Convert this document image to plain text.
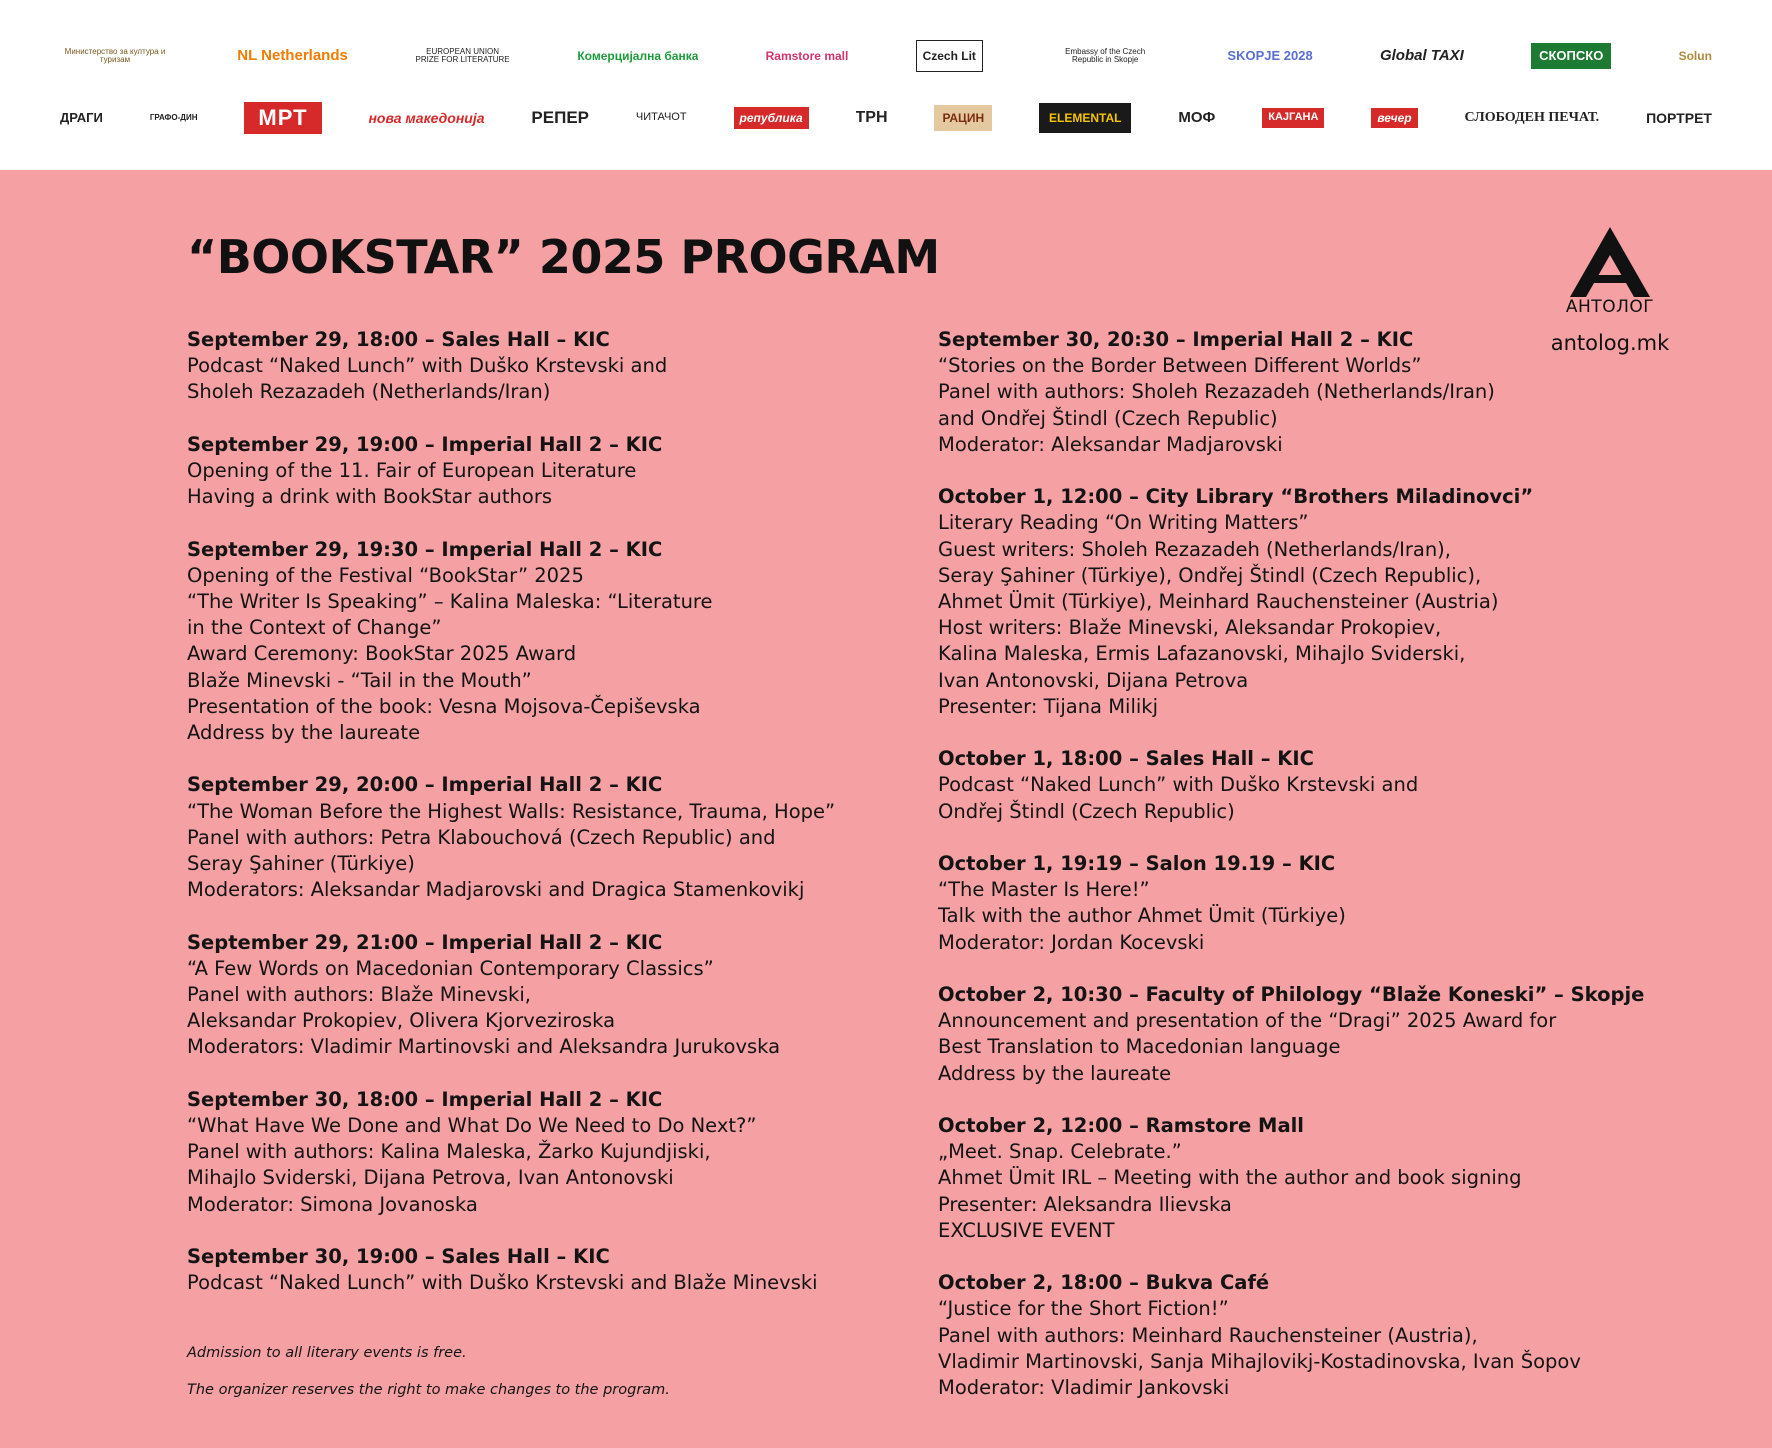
Министерство за култура и туризам	NL Netherlands	EUROPEAN UNION PRIZE FOR LITERATURE	Комерцијална банка	Ramstore mall	Czech Lit	Embassy of the Czech Republic in Skopje	SKOPJE 2028	Global TAXI	СКОПСКО	Solun
ДРАГИ	ГРАФО-ДИН	МРТ	нова македонија	РЕПЕР	ЧИТАЧОТ	република	ТРН	РАЦИН	ELEMENTAL	МОФ	КАЈГАНА	вечер	СЛОБОДЕН ПЕЧАТ.	ПОРТРЕТ
“BOOKSTAR” 2025 PROGRAM
АНТОЛОГ
antolog.mk
September 29, 18:00 – Sales Hall – KIC
Podcast “Naked Lunch” with Duško Krstevski and
Sholeh Rezazadeh (Netherlands/Iran)
September 29, 19:00 – Imperial Hall 2 – KIC
Opening of the 11. Fair of European Literature
Having a drink with BookStar authors
September 29, 19:30 – Imperial Hall 2 – KIC
Opening of the Festival “BookStar” 2025
“The Writer Is Speaking” – Kalina Maleska: “Literature
in the Context of Change”
Award Ceremony: BookStar 2025 Award
Blaže Minevski - “Tail in the Mouth”
Presentation of the book: Vesna Mojsova-Čepiševska
Address by the laureate
September 29, 20:00 – Imperial Hall 2 – KIC
“The Woman Before the Highest Walls: Resistance, Trauma, Hope”
Panel with authors: Petra Klabouchová (Czech Republic) and
Seray Şahiner (Türkiye)
Moderators: Aleksandar Madjarovski and Dragica Stamenkovikj
September 29, 21:00 – Imperial Hall 2 – KIC
“A Few Words on Macedonian Contemporary Classics”
Panel with authors: Blaže Minevski,
Aleksandar Prokopiev, Olivera Kjorveziroska
Moderators: Vladimir Martinovski and Aleksandra Jurukovska
September 30, 18:00 – Imperial Hall 2 – KIC
“What Have We Done and What Do We Need to Do Next?”
Panel with authors: Kalina Maleska, Žarko Kujundjiski,
Mihajlo Sviderski, Dijana Petrova, Ivan Antonovski
Moderator: Simona Jovanoska
September 30, 19:00 – Sales Hall – KIC
Podcast “Naked Lunch” with Duško Krstevski and Blaže Minevski
September 30, 20:30 – Imperial Hall 2 – KIC
“Stories on the Border Between Different Worlds”
Panel with authors: Sholeh Rezazadeh (Netherlands/Iran)
and Ondřej Štindl (Czech Republic)
Moderator: Aleksandar Madjarovski
October 1, 12:00 – City Library “Brothers Miladinovci”
Literary Reading “On Writing Matters”
Guest writers: Sholeh Rezazadeh (Netherlands/Iran),
Seray Şahiner (Türkiye), Ondřej Štindl (Czech Republic),
Ahmet Ümit (Türkiye), Meinhard Rauchensteiner (Austria)
Host writers: Blaže Minevski, Aleksandar Prokopiev,
Kalina Maleska, Ermis Lafazanovski, Mihajlo Sviderski,
Ivan Antonovski, Dijana Petrova
Presenter: Tijana Milikj
October 1, 18:00 – Sales Hall – KIC
Podcast “Naked Lunch” with Duško Krstevski and
Ondřej Štindl (Czech Republic)
October 1, 19:19 – Salon 19.19 – KIC
“The Master Is Here!”
Talk with the author Ahmet Ümit (Türkiye)
Moderator: Jordan Kocevski
October 2, 10:30 – Faculty of Philology “Blaže Koneski” – Skopje
Announcement and presentation of the “Dragi” 2025 Award for
Best Translation to Macedonian language
Address by the laureate
October 2, 12:00 – Ramstore Mall
„Meet. Snap. Celebrate.”
Ahmet Ümit IRL – Meeting with the author and book signing
Presenter: Aleksandra Ilievska
EXCLUSIVE EVENT
October 2, 18:00 – Bukva Café
“Justice for the Short Fiction!”
Panel with authors: Meinhard Rauchensteiner (Austria),
Vladimir Martinovski, Sanja Mihajlovikj-Kostadinovska, Ivan Šopov
Moderator: Vladimir Jankovski
Admission to all literary events is free.
The organizer reserves the right to make changes to the program.
